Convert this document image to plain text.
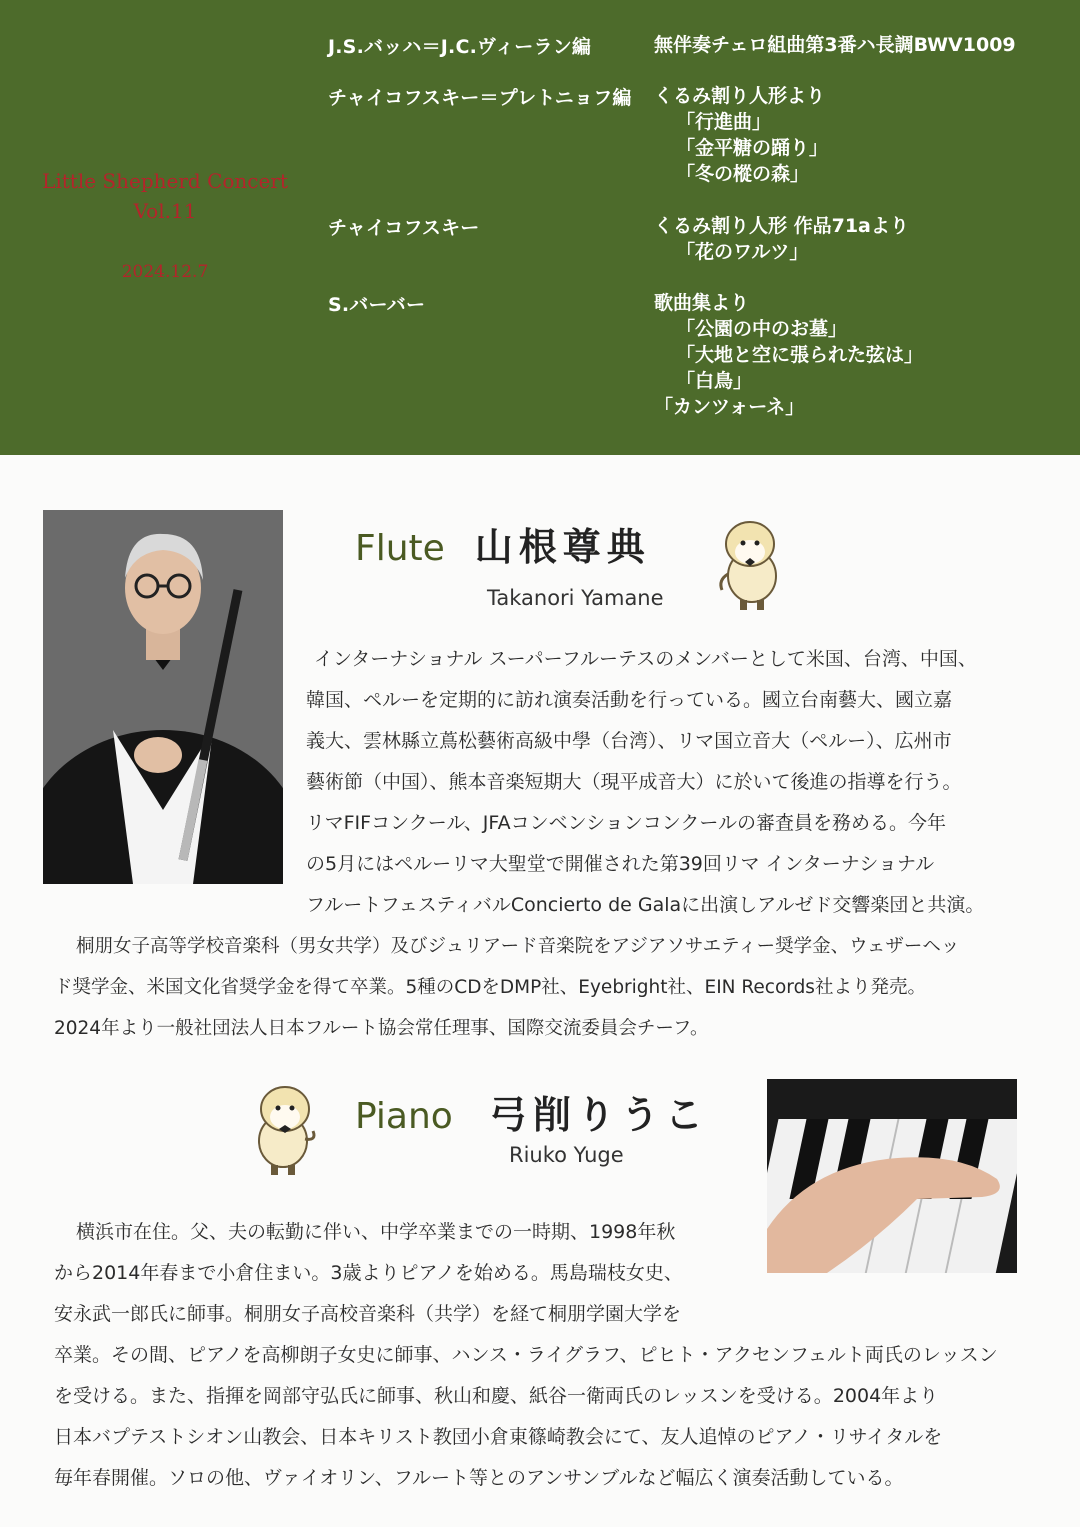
Little Shepherd Concert
Vol.11
2024.12.7
J.S.バッハ＝J.C.ヴィーラン編	無伴奏チェロ組曲第3番ハ長調BWV1009
チャイコフスキー＝プレトニョフ編 くるみ割り人形より
「行進曲」
「金平糖の踊り」
「冬の樅の森」
チャイコフスキー	くるみ割り人形 作品71aより
「花のワルツ」
S.バーバー	歌曲集より
「公園の中のお墓」
「大地と空に張られた弦は」
「白鳥」
「カンツォーネ」
Flute 山根尊典
Takanori Yamane
インターナショナル スーパーフルーテスのメンバーとして米国、台湾、中国、
韓国、ペルーを定期的に訪れ演奏活動を行っている。國立台南藝大、國立嘉
義大、雲林縣立蔦松藝術高級中學（台湾）、リマ国立音大（ペルー）、広州市
藝術節（中国）、熊本音楽短期大（現平成音大）に於いて後進の指導を行う。
リマFIFコンクール、JFAコンベンションコンクールの審査員を務める。今年
の5月にはペルーリマ大聖堂で開催された第39回リマ インターナショナル
フルートフェスティバルConcierto de Galaに出演しアルゼド交響楽団と共演。
桐朋女子高等学校音楽科（男女共学）及びジュリアード音楽院をアジアソサエティー奨学金、ウェザーヘッ
ド奨学金、米国文化省奨学金を得て卒業。5種のCDをDMP社、Eyebright社、EIN Records社より発売。
2024年より一般社団法人日本フルート協会常任理事、国際交流委員会チーフ。
Piano 弓削りうこ
Riuko Yuge
横浜市在住。父、夫の転勤に伴い、中学卒業までの一時期、1998年秋
から2014年春まで小倉住まい。3歳よりピアノを始める。馬島瑞枝女史、
安永武一郎氏に師事。桐朋女子高校音楽科（共学）を経て桐朋学園大学を
卒業。その間、ピアノを高柳朗子女史に師事、ハンス・ライグラフ、ピヒト・アクセンフェルト両氏のレッスン
を受ける。また、指揮を岡部守弘氏に師事、秋山和慶、紙谷一衛両氏のレッスンを受ける。2004年より
日本バプテストシオン山教会、日本キリスト教団小倉東篠崎教会にて、友人追悼のピアノ・リサイタルを
毎年春開催。ソロの他、ヴァイオリン、フルート等とのアンサンブルなど幅広く演奏活動している。
